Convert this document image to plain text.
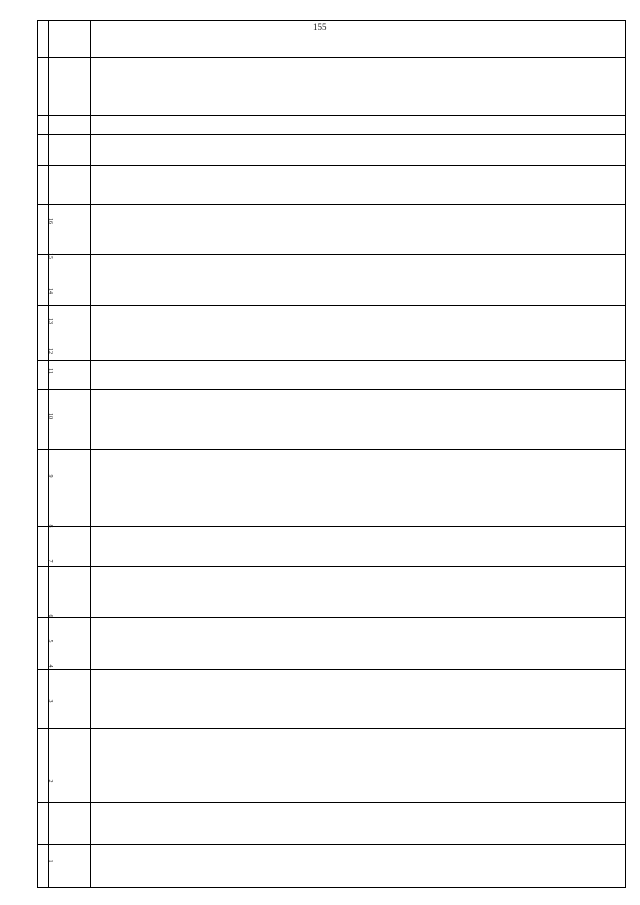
155
1
2
3
4
5
6
7
8
9
10
11
12
13
14
15
16
